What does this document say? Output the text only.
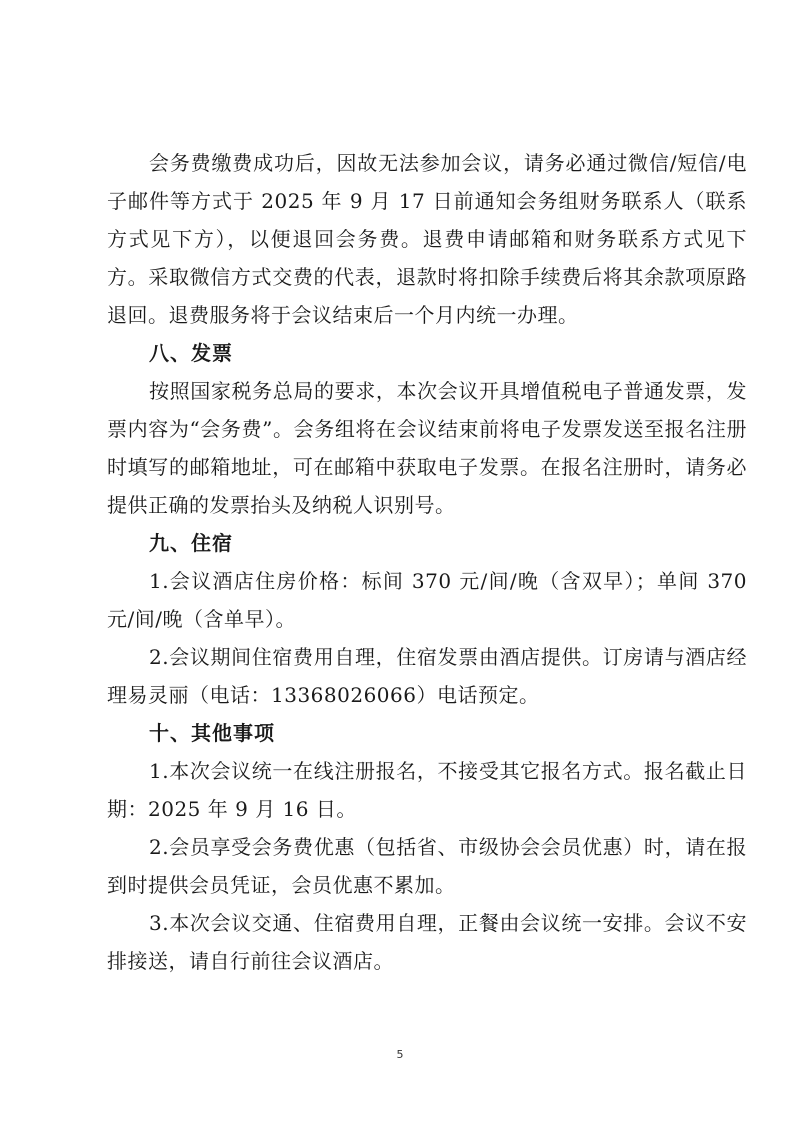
会务费缴费成功后，因故无法参加会议，请务必通过微信/短信/电子邮件等方式于 2025 年 9 月 17 日前通知会务组财务联系人（联系方式见下方），以便退回会务费。退费申请邮箱和财务联系方式见下方。采取微信方式交费的代表，退款时将扣除手续费后将其余款项原路退回。退费服务将于会议结束后一个月内统一办理。

八、发票

按照国家税务总局的要求，本次会议开具增值税电子普通发票，发票内容为“会务费”。会务组将在会议结束前将电子发票发送至报名注册时填写的邮箱地址，可在邮箱中获取电子发票。在报名注册时，请务必提供正确的发票抬头及纳税人识别号。

九、住宿

1.会议酒店住房价格：标间 370 元/间/晚（含双早）；单间 370 元/间/晚（含单早）。

2.会议期间住宿费用自理，住宿发票由酒店提供。订房请与酒店经理易灵丽（电话：13368026066）电话预定。

十、其他事项

1.本次会议统一在线注册报名，不接受其它报名方式。报名截止日期：2025 年 9 月 16 日。

2.会员享受会务费优惠（包括省、市级协会会员优惠）时，请在报到时提供会员凭证，会员优惠不累加。

3.本次会议交通、住宿费用自理，正餐由会议统一安排。会议不安排接送，请自行前往会议酒店。

5
